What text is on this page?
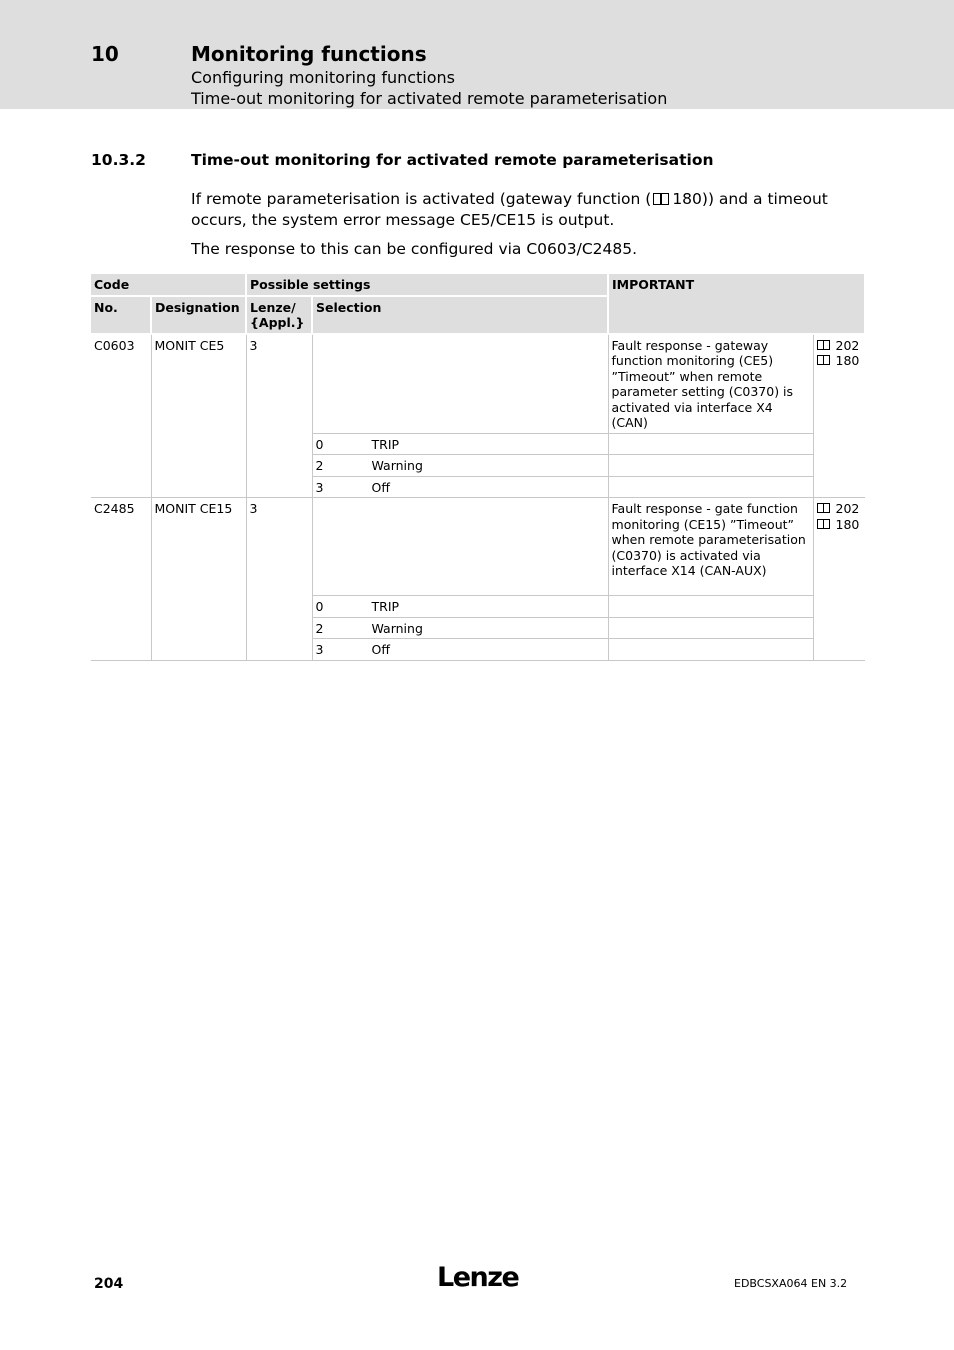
10	Monitoring functions
Configuring monitoring functions
Time-out monitoring for activated remote parameterisation
10.3.2	Time-out monitoring for activated remote parameterisation
If remote parameterisation is activated (gateway function ( 180)) and a timeout occurs, the system error message CE5/CE15 is output.
The response to this can be configured via C0603/C2485.
Code		Possible settings		IMPORTANT	
No.	Designation	Lenze/ {Appl.}	Selection		
C0603	MONIT CE5	3		Fault response - gateway function monitoring (CE5) ”Timeout” when remote parameter setting (C0370) is activated via interface X4 (CAN)	202
180

			0 TRIP		
			2 Warning		
			3 Off		
C2485	MONIT CE15	3		Fault response - gate function monitoring (CE15) ”Timeout” when remote parameterisation (C0370) is activated via interface X14 (CAN-AUX)	202
180

			0 TRIP		
			2 Warning		
			3 Off		
204	Lenze	EDBCSXA064 EN 3.2
